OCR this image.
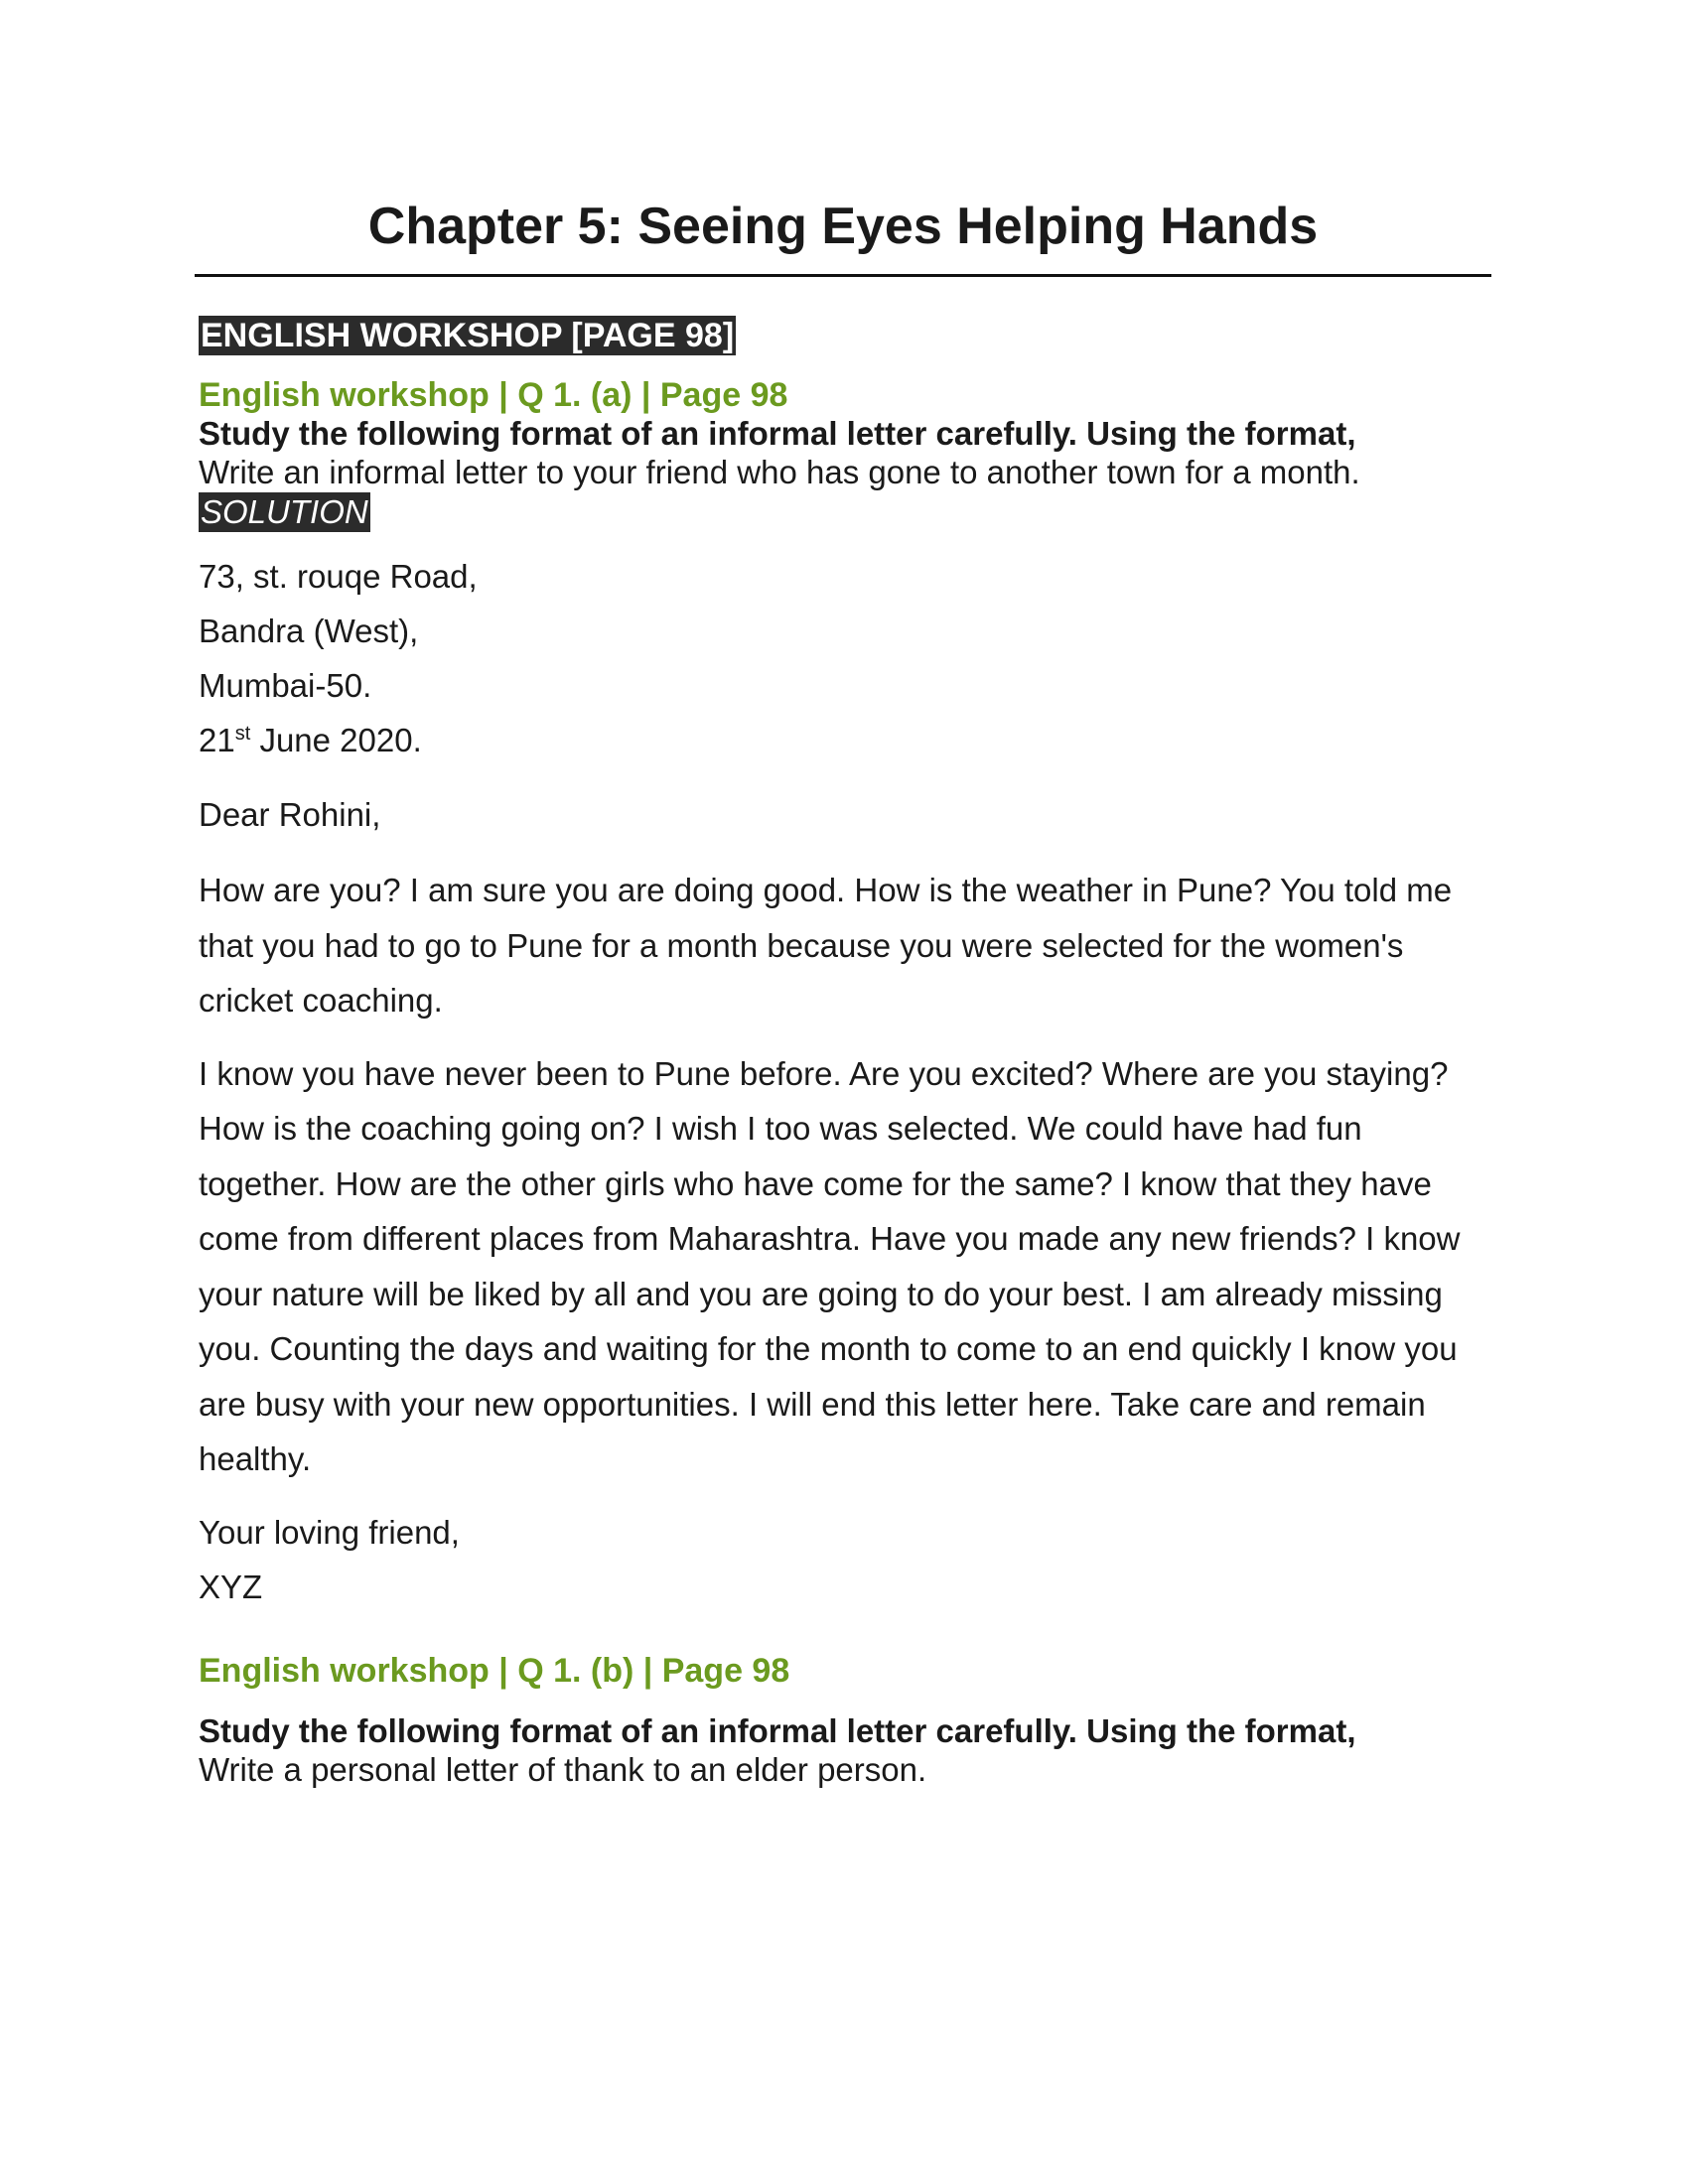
Chapter 5: Seeing Eyes Helping Hands
ENGLISH WORKSHOP [PAGE 98]

English workshop | Q 1. (a) | Page 98

Study the following format of an informal letter carefully. Using the format,

Write an informal letter to your friend who has gone to another town for a month.

SOLUTION

73, st. rouqe Road,

Bandra (West),

Mumbai-50.

21st June 2020.

Dear Rohini,

How are you? I am sure you are doing good. How is the weather in Pune? You told me

that you had to go to Pune for a month because you were selected for the women's

cricket coaching.

I know you have never been to Pune before. Are you excited? Where are you staying?

How is the coaching going on? I wish I too was selected. We could have had fun

together. How are the other girls who have come for the same? I know that they have

come from different places from Maharashtra. Have you made any new friends? I know

your nature will be liked by all and you are going to do your best. I am already missing

you. Counting the days and waiting for the month to come to an end quickly I know you

are busy with your new opportunities. I will end this letter here. Take care and remain

healthy.

Your loving friend,

XYZ

English workshop | Q 1. (b) | Page 98

Study the following format of an informal letter carefully. Using the format,

Write a personal letter of thank to an elder person.
